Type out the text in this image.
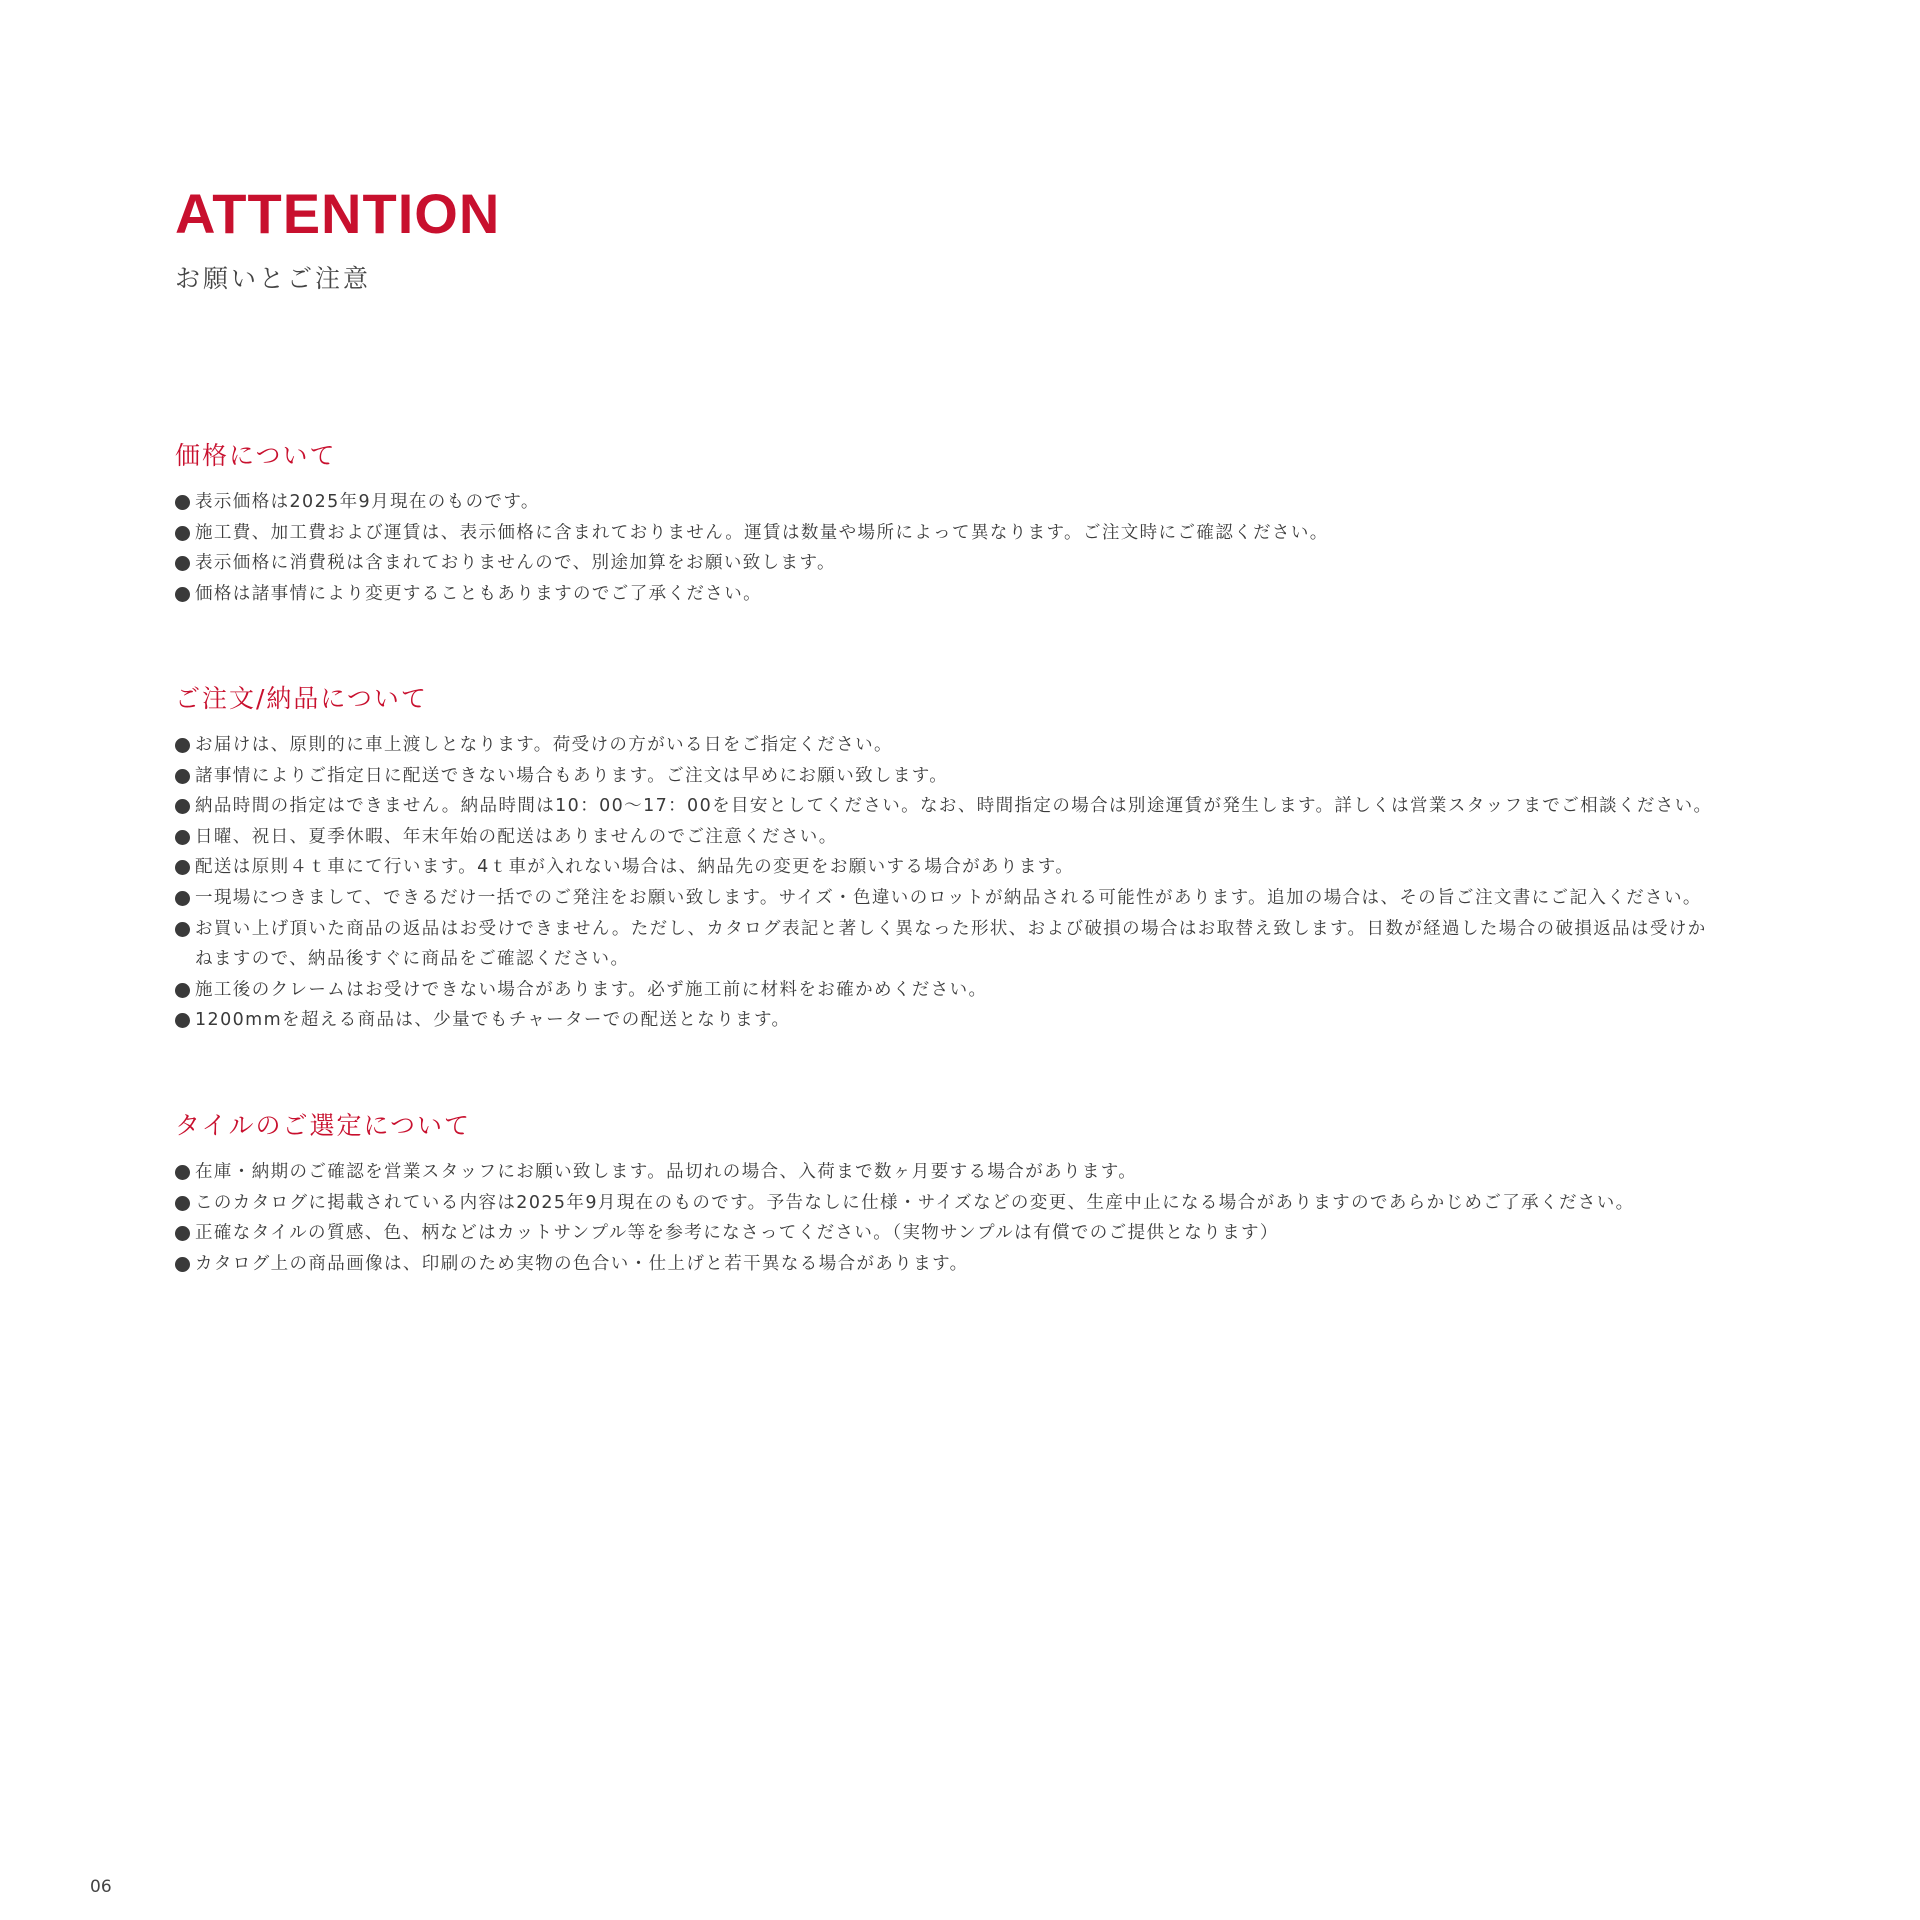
ATTENTION
お願いとご注意
価格について
表示価格は2025年9月現在のものです。
施工費、加工費および運賃は、表示価格に含まれておりません。運賃は数量や場所によって異なります。ご注文時にご確認ください。
表示価格に消費税は含まれておりませんので、別途加算をお願い致します。
価格は諸事情により変更することもありますのでご了承ください。
ご注文/納品について
お届けは、原則的に車上渡しとなります。荷受けの方がいる日をご指定ください。
諸事情によりご指定日に配送できない場合もあります。ご注文は早めにお願い致します。
納品時間の指定はできません。納品時間は10：00～17：00を目安としてください。なお、時間指定の場合は別途運賃が発生します。詳しくは営業スタッフまでご相談ください。
日曜、祝日、夏季休暇、年末年始の配送はありませんのでご注意ください。
配送は原則４ｔ車にて行います。4ｔ車が入れない場合は、納品先の変更をお願いする場合があります。
一現場につきまして、できるだけ一括でのご発注をお願い致します。サイズ・色違いのロットが納品される可能性があります。追加の場合は、その旨ご注文書にご記入ください。
お買い上げ頂いた商品の返品はお受けできません。ただし、カタログ表記と著しく異なった形状、および破損の場合はお取替え致します。日数が経過した場合の破損返品は受けか
ねますので、納品後すぐに商品をご確認ください。
施工後のクレームはお受けできない場合があります。必ず施工前に材料をお確かめください。
1200mmを超える商品は、少量でもチャーターでの配送となります。
タイルのご選定について
在庫・納期のご確認を営業スタッフにお願い致します。品切れの場合、入荷まで数ヶ月要する場合があります。
このカタログに掲載されている内容は2025年9月現在のものです。予告なしに仕様・サイズなどの変更、生産中止になる場合がありますのであらかじめご了承ください。
正確なタイルの質感、色、柄などはカットサンプル等を参考になさってください。（実物サンプルは有償でのご提供となります）
カタログ上の商品画像は、印刷のため実物の色合い・仕上げと若干異なる場合があります。
06
